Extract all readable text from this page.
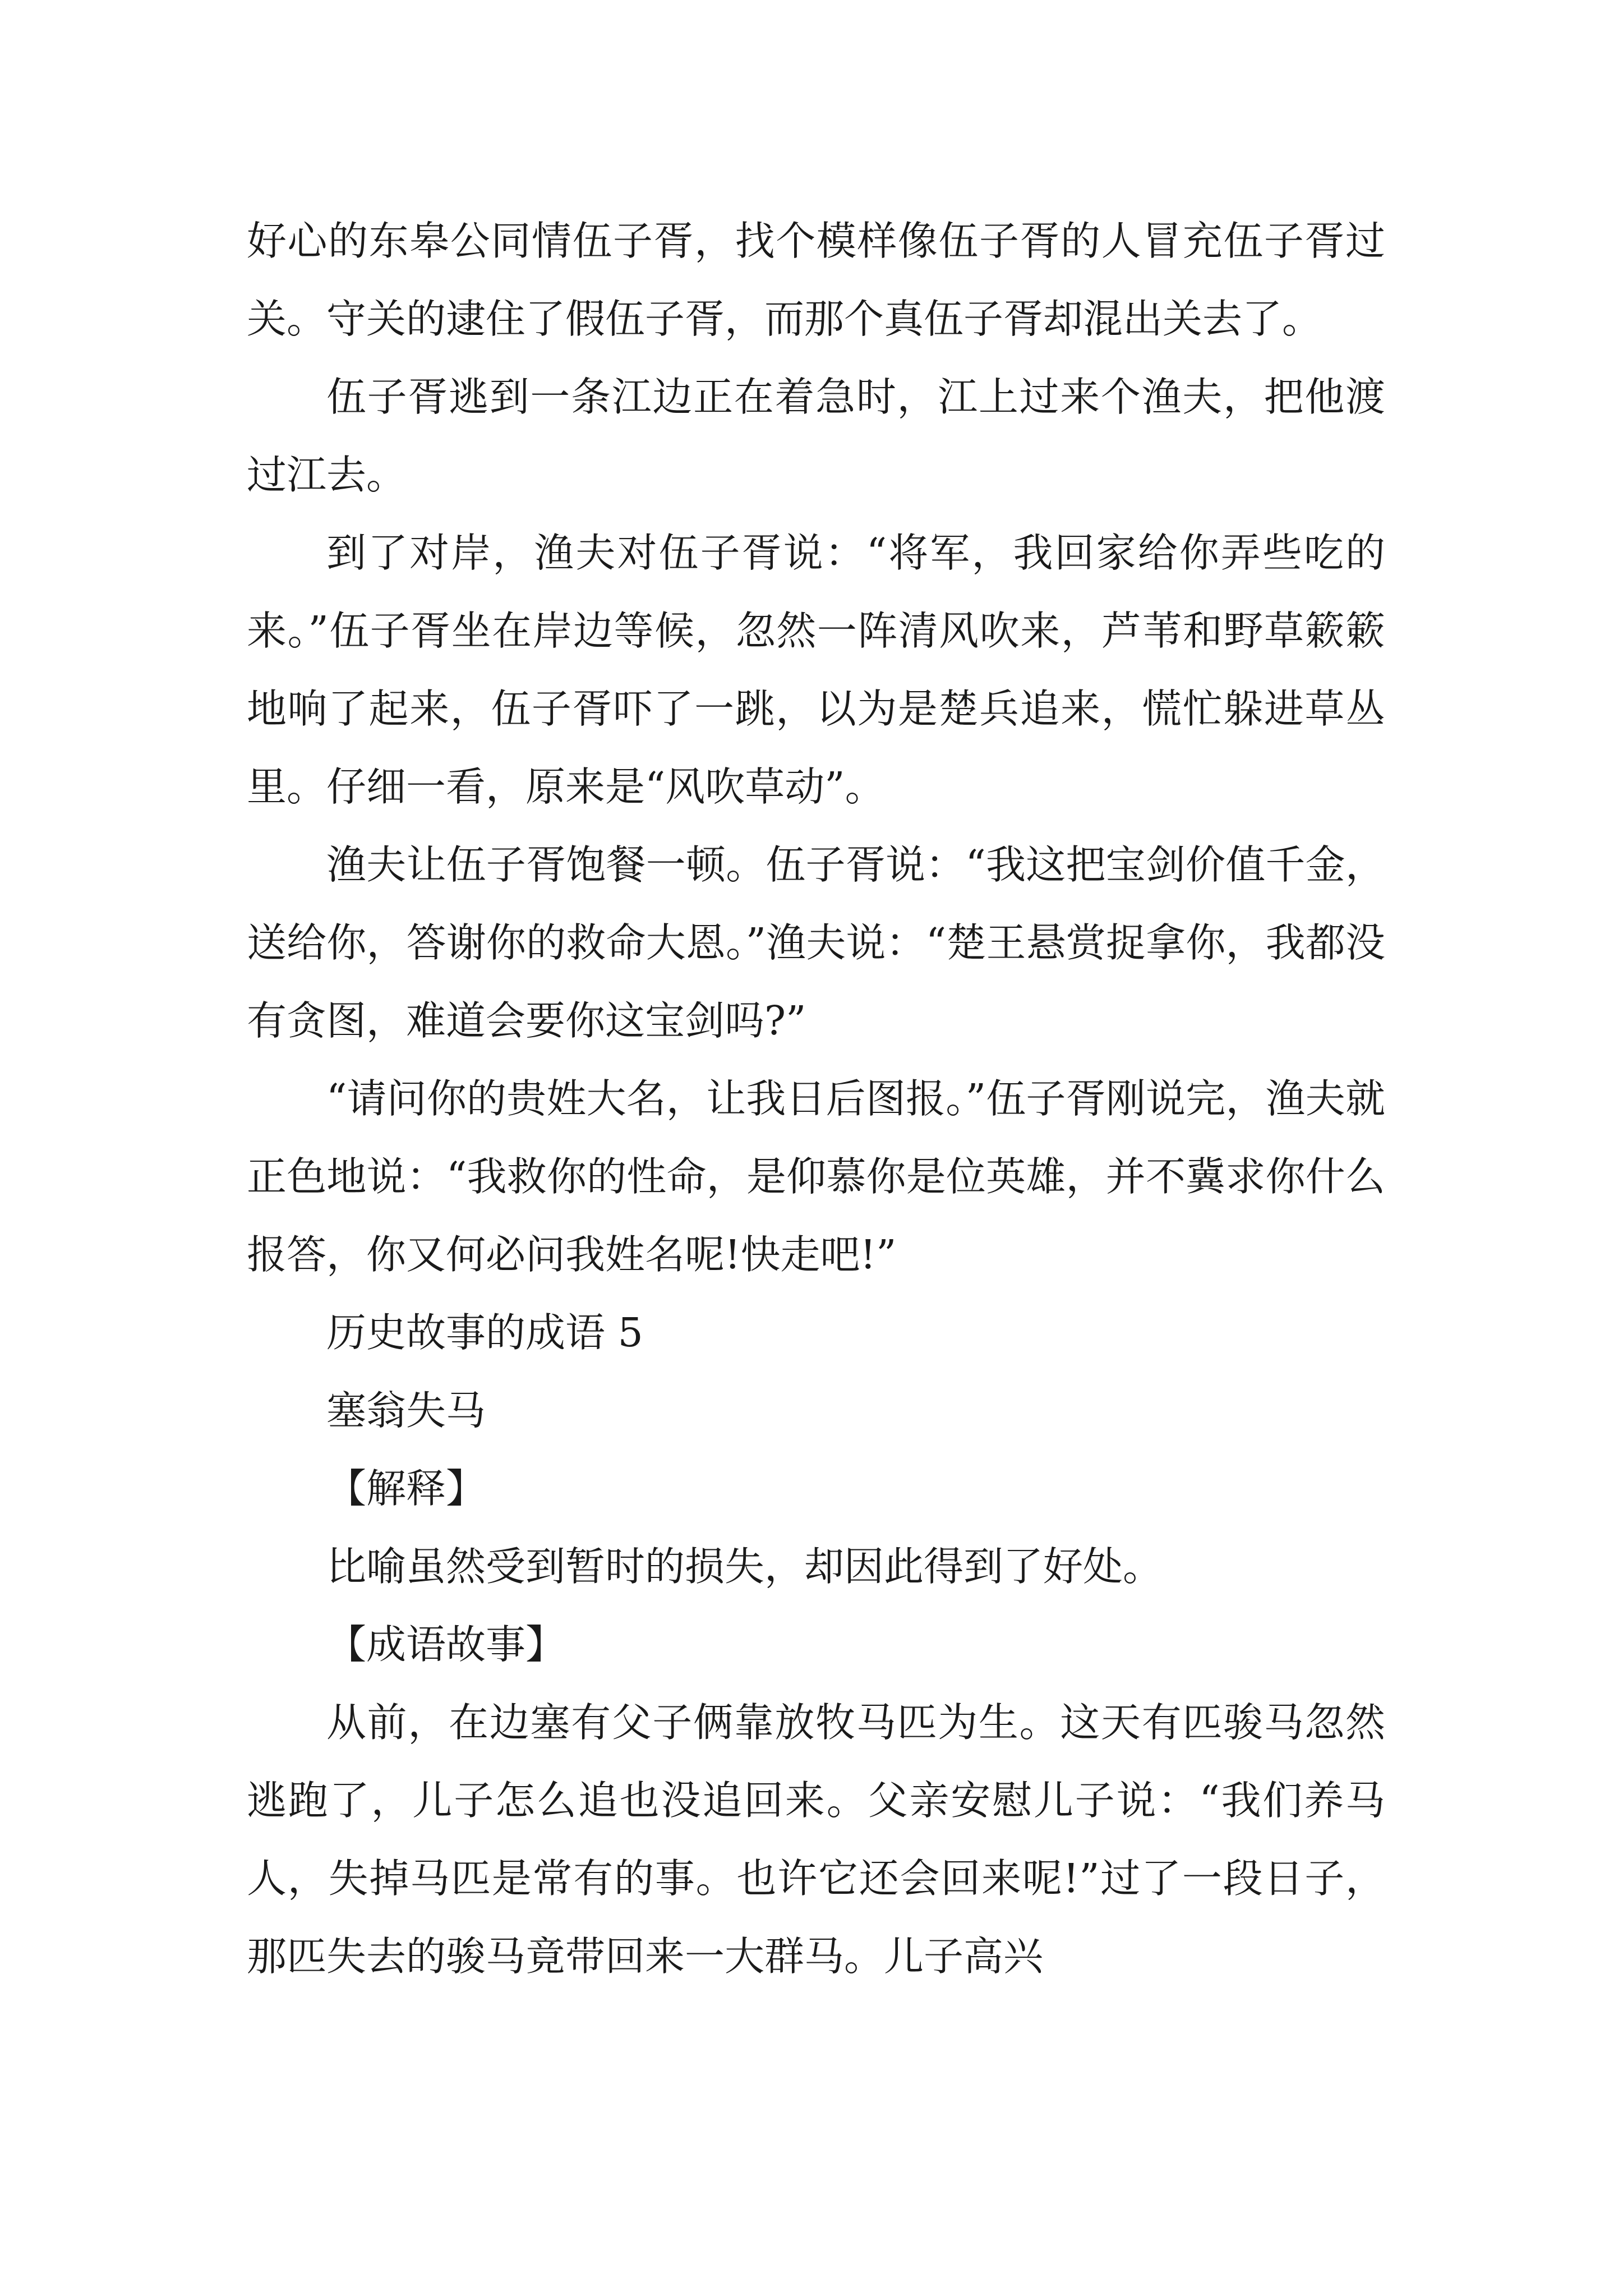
好心的东皋公同情伍子胥，找个模样像伍子胥的人冒充伍子胥过关。守关的逮住了假伍子胥，而那个真伍子胥却混出关去了。

伍子胥逃到一条江边正在着急时，江上过来个渔夫，把他渡过江去。

到了对岸，渔夫对伍子胥说：“将军，我回家给你弄些吃的来。”伍子胥坐在岸边等候，忽然一阵清风吹来，芦苇和野草簌簌地响了起来，伍子胥吓了一跳，以为是楚兵追来，慌忙躲进草丛里。仔细一看，原来是“风吹草动”。

渔夫让伍子胥饱餐一顿。伍子胥说：“我这把宝剑价值千金，送给你，答谢你的救命大恩。”渔夫说：“楚王悬赏捉拿你，我都没有贪图，难道会要你这宝剑吗?”

“请问你的贵姓大名，让我日后图报。”伍子胥刚说完，渔夫就正色地说：“我救你的性命，是仰慕你是位英雄，并不冀求你什么报答，你又何必问我姓名呢!快走吧!”

历史故事的成语 5

塞翁失马

【解释】

比喻虽然受到暂时的损失，却因此得到了好处。

【成语故事】

从前，在边塞有父子俩靠放牧马匹为生。这天有匹骏马忽然逃跑了，儿子怎么追也没追回来。父亲安慰儿子说：“我们养马人，失掉马匹是常有的事。也许它还会回来呢!”过了一段日子，那匹失去的骏马竟带回来一大群马。儿子高兴
